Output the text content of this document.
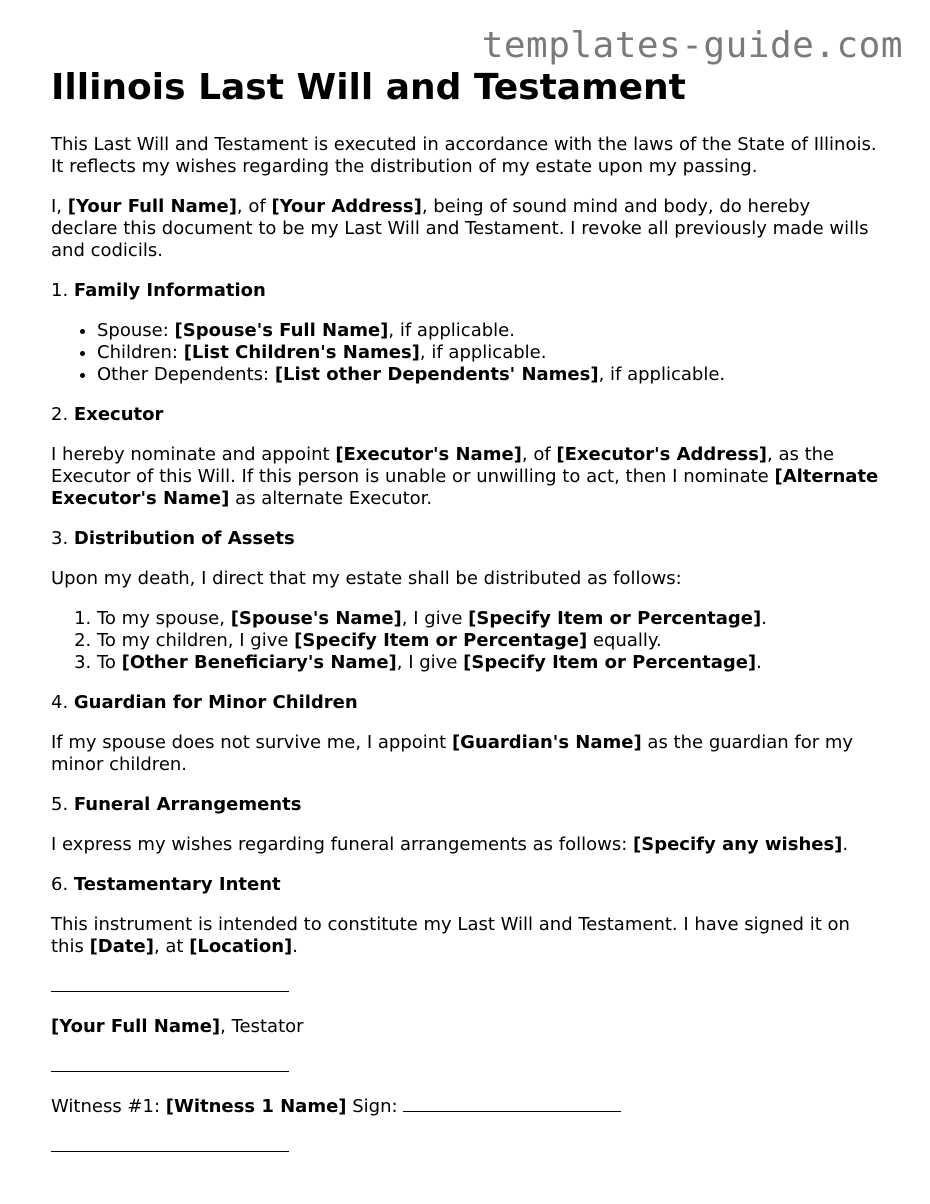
templates-guide.com
Illinois Last Will and Testament

This Last Will and Testament is executed in accordance with the laws of the State of Illinois. It reflects my wishes regarding the distribution of my estate upon my passing.

I, [Your Full Name], of [Your Address], being of sound mind and body, do hereby declare this document to be my Last Will and Testament. I revoke all previously made wills and codicils.

1. Family Information

• Spouse: [Spouse's Full Name], if applicable.
• Children: [List Children's Names], if applicable.
• Other Dependents: [List other Dependents' Names], if applicable.

2. Executor

I hereby nominate and appoint [Executor's Name], of [Executor's Address], as the Executor of this Will. If this person is unable or unwilling to act, then I nominate [Alternate Executor's Name] as alternate Executor.

3. Distribution of Assets

Upon my death, I direct that my estate shall be distributed as follows:

1. To my spouse, [Spouse's Name], I give [Specify Item or Percentage].
2. To my children, I give [Specify Item or Percentage] equally.
3. To [Other Beneficiary's Name], I give [Specify Item or Percentage].

4. Guardian for Minor Children

If my spouse does not survive me, I appoint [Guardian's Name] as the guardian for my minor children.

5. Funeral Arrangements

I express my wishes regarding funeral arrangements as follows: [Specify any wishes].

6. Testamentary Intent

This instrument is intended to constitute my Last Will and Testament. I have signed it on this [Date], at [Location].

[Your Full Name], Testator

Witness #1: [Witness 1 Name] Sign:
